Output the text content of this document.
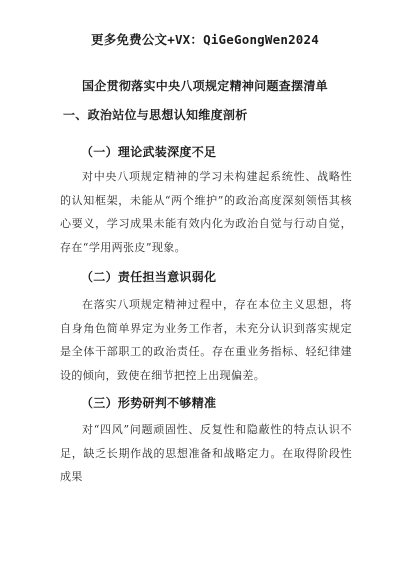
更多免费公文+VX：QiGeGongWen2024
国企贯彻落实中央八项规定精神问题查摆清单
一、政治站位与思想认知维度剖析
（一）理论武装深度不足
对中央八项规定精神的学习未构建起系统性、战略性的认知框架，未能从“两个维护”的政治高度深刻领悟其核心要义，学习成果未能有效内化为政治自觉与行动自觉，存在“学用两张皮”现象。
（二）责任担当意识弱化
在落实八项规定精神过程中，存在本位主义思想，将自身角色简单界定为业务工作者，未充分认识到落实规定是全体干部职工的政治责任。存在重业务指标、轻纪律建设的倾向，致使在细节把控上出现偏差。
（三）形势研判不够精准
对“四风”问题顽固性、反复性和隐蔽性的特点认识不足，缺乏长期作战的思想准备和战略定力。在取得阶段性成果
